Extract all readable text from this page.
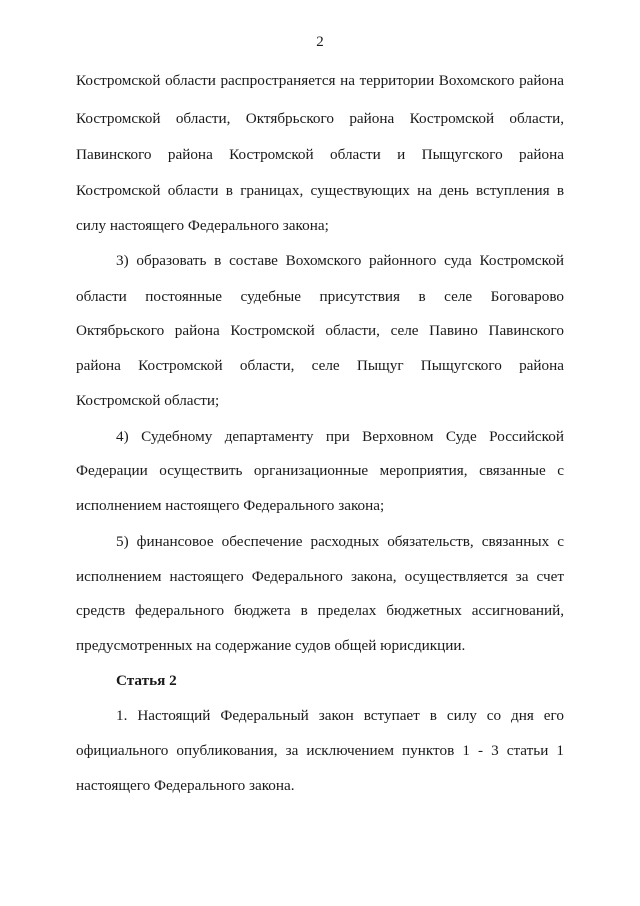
2
Костромской области распространяется на территории Вохомского района
Костромской области, Октябрьского района Костромской области,
Павинского района Костромской области и Пыщугского района
Костромской области в границах, существующих на день вступления в
силу настоящего Федерального закона;
3) образовать в составе Вохомского районного суда Костромской
области постоянные судебные присутствия в селе Боговарово
Октябрьского района Костромской области, селе Павино Павинского
района Костромской области, селе Пыщуг Пыщугского района
Костромской области;
4) Судебному департаменту при Верховном Суде Российской
Федерации осуществить организационные мероприятия, связанные с
исполнением настоящего Федерального закона;
5) финансовое обеспечение расходных обязательств, связанных с
исполнением настоящего Федерального закона, осуществляется за счет
средств федерального бюджета в пределах бюджетных ассигнований,
предусмотренных на содержание судов общей юрисдикции.
Статья 2
1. Настоящий Федеральный закон вступает в силу со дня его
официального опубликования, за исключением пунктов 1 - 3 статьи 1
настоящего Федерального закона.
